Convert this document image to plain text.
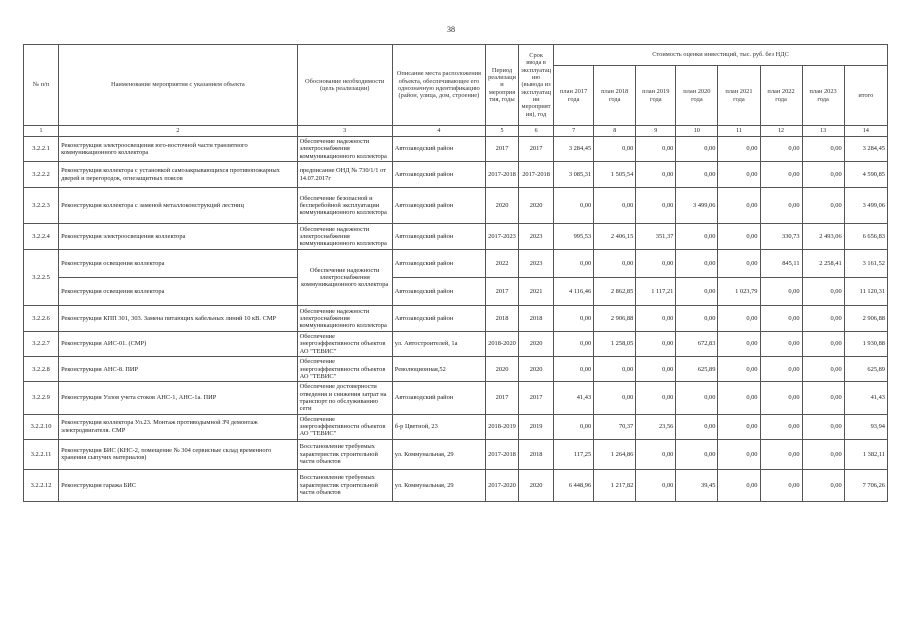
38
№ п/п	Наименование мероприятия с указанием объекта	Обоснование необходимости (цель реализации)	Описание места расположения объекта, обеспечивающее его однозначную идентификацию (район, улица, дом, строение)	Период реализации мероприятия, годы	Срок ввода в эксплуатацию (вывода из эксплуатации мероприятия), год	Стоимость оценки инвестиций, тыс. руб. без НДС							
						план 2017 года	план 2018 года	план 2019 года	план 2020 года	план 2021 года	план 2022 года	план 2023 года	итого
1	2	3	4	5	6	7	8	9	10	11	12	13	14
3.2.2.1	Реконструкция электроосвещения юго-восточной части транзитного коммуникационного коллектора	Обеспечение надежности электроснабжения коммуникационного коллектора	Автозаводский район	2017	2017	3 284,45	0,00	0,00	0,00	0,00	0,00	0,00	3 284,45
3.2.2.2	Реконструкция коллектора с установкой самозакрывающихся противопожарных дверей и перегородок, огнезащитных поясов	предписание ОНД № 730/1/1 от 14.07.2017г	Автозаводский район	2017-2018	2017-2018	3 085,31	1 505,54	0,00	0,00	0,00	0,00	0,00	4 590,85
3.2.2.3	Реконструкция коллектора с заменой металлоконструкций лестниц	Обеспечение безопасной и бесперебойной эксплуатации коммуникационного коллектора	Автозаводский район	2020	2020	0,00	0,00	0,00	3 499,06	0,00	0,00	0,00	3 499,06
3.2.2.4	Реконструкция электроосвещения коллектора	Обеспечение надежности электроснабжения коммуникационного коллектора	Автозаводский район	2017-2023	2023	995,53	2 406,15	351,37	0,00	0,00	330,73	2 493,06	6 656,83
3.2.2.5	Реконструкция освещения коллектора	Обеспечение надежности электроснабжения коммуникационного коллектора	Автозаводский район	2022	2023	0,00	0,00	0,00	0,00	0,00	845,11	2 258,41	3 161,52
	Реконструкция освещения коллектора		Автозаводский район	2017	2021	4 116,46	2 862,85	1 117,21	0,00	1 023,79	0,00	0,00	11 120,31
3.2.2.6	Реконструкция КПП 301, 303. Замена питающих кабельных линий 10 кВ. СМР	Обеспечение надежности электроснабжения коммуникационного коллектора	Автозаводский район	2018	2018	0,00	2 906,88	0,00	0,00	0,00	0,00	0,00	2 906,88
3.2.2.7	Реконструкция АИС-01. (СМР)	Обеспечение энергоэффективности объектов АО "ТЕВИС"	ул. Автостроителей, 1а	2018-2020	2020	0,00	1 258,05	0,00	672,83	0,00	0,00	0,00	1 930,88
3.2.2.8	Реконструкция АНС-8. ПИР	Обеспечение энергоэффективности объектов АО "ТЕВИС"	Революционная,52	2020	2020	0,00	0,00	0,00	625,89	0,00	0,00	0,00	625,89
3.2.2.9	Реконструкция Узлов учета стоков АНС-1, АНС-1а. ПИР	Обеспечение достоверности отведения и снижения затрат на транспорт по обслуживанию сети	Автозаводский район	2017	2017	41,43	0,00	0,00	0,00	0,00	0,00	0,00	41,43
3.2.2.10	Реконструкция коллектора Ул.23. Монтаж противодымной ЗЧ демонтаж электродвигателя. СМР	Обеспечение энергоэффективности объектов АО "ТЕВИС"	б-р Цветной, 23	2018-2019	2019	0,00	70,37	23,56	0,00	0,00	0,00	0,00	93,94
3.2.2.11	Реконструкция БИС (КНС-2, помещение № 304 сервисные склад временного хранения сыпучих материалов)	Восстановление требуемых характеристик строительной части объектов	ул. Коммунальная, 29	2017-2018	2018	117,25	1 264,86	0,00	0,00	0,00	0,00	0,00	1 382,11
3.2.2.12	Реконструкция гаража БИС	Восстановление требуемых характеристик строительной части объектов	ул. Коммунальная, 29	2017-2020	2020	6 448,96	1 217,82	0,00	39,45	0,00	0,00	0,00	7 706,26
